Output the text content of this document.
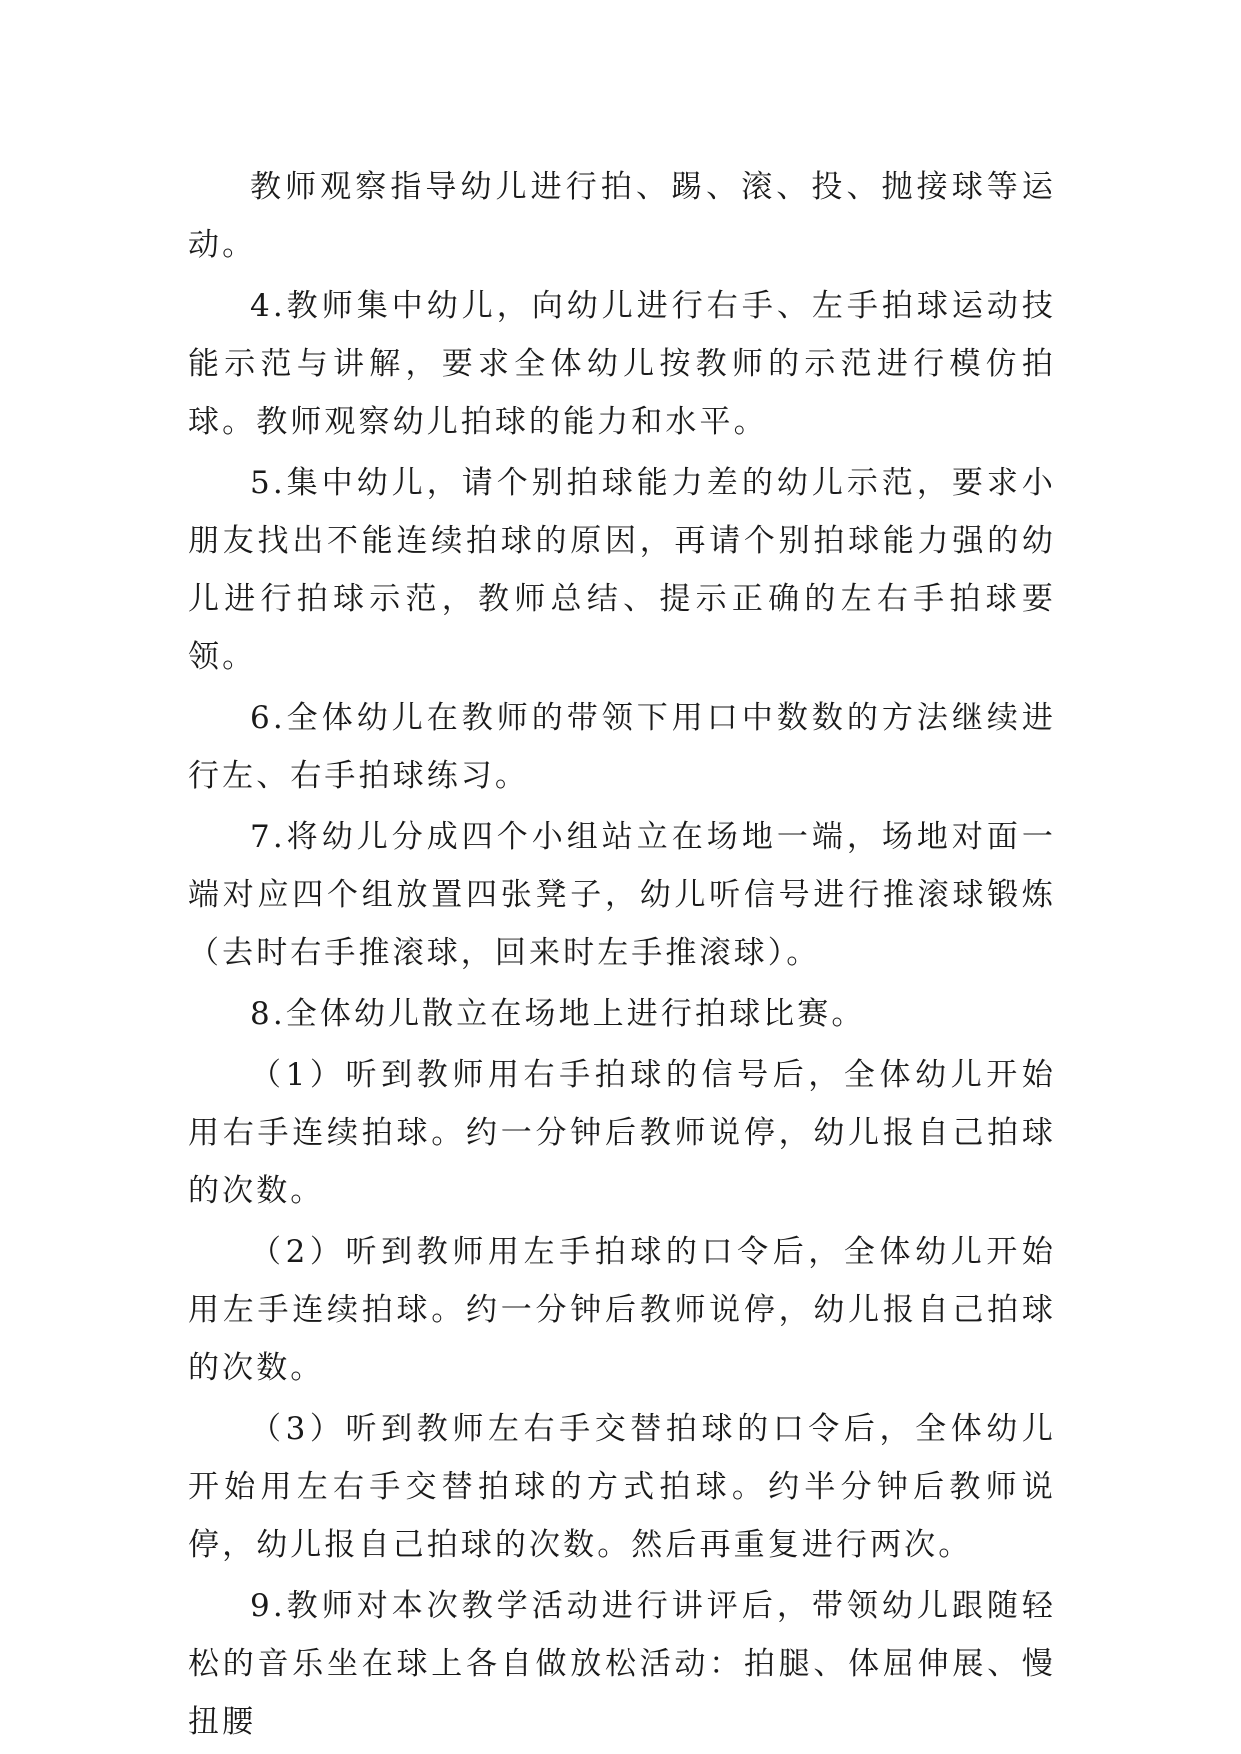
教师观察指导幼儿进行拍、踢、滚、投、抛接球等运动。

4.教师集中幼儿，向幼儿进行右手、左手拍球运动技能示范与讲解，要求全体幼儿按教师的示范进行模仿拍球。教师观察幼儿拍球的能力和水平。

5.集中幼儿，请个别拍球能力差的幼儿示范，要求小朋友找出不能连续拍球的原因，再请个别拍球能力强的幼儿进行拍球示范，教师总结、提示正确的左右手拍球要领。

6.全体幼儿在教师的带领下用口中数数的方法继续进行左、右手拍球练习。

7.将幼儿分成四个小组站立在场地一端，场地对面一端对应四个组放置四张凳子，幼儿听信号进行推滚球锻炼（去时右手推滚球，回来时左手推滚球）。

8.全体幼儿散立在场地上进行拍球比赛。

（1）听到教师用右手拍球的信号后，全体幼儿开始用右手连续拍球。约一分钟后教师说停，幼儿报自己拍球的次数。

（2）听到教师用左手拍球的口令后，全体幼儿开始用左手连续拍球。约一分钟后教师说停，幼儿报自己拍球的次数。

（3）听到教师左右手交替拍球的口令后，全体幼儿开始用左右手交替拍球的方式拍球。约半分钟后教师说停，幼儿报自己拍球的次数。然后再重复进行两次。

9.教师对本次教学活动进行讲评后，带领幼儿跟随轻松的音乐坐在球上各自做放松活动：拍腿、体屈伸展、慢扭腰
